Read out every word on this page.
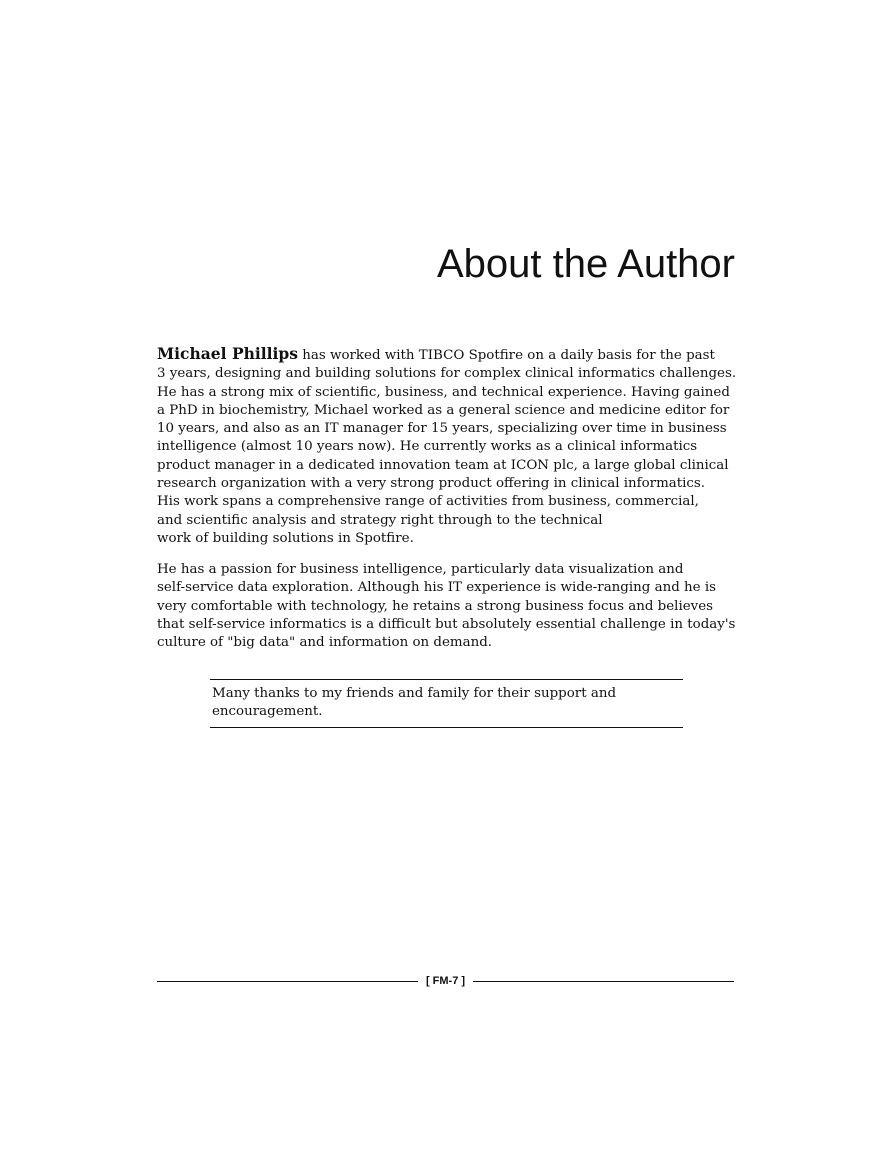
About the Author
Michael Phillips has worked with TIBCO Spotfire on a daily basis for the past
3 years, designing and building solutions for complex clinical informatics challenges.
He has a strong mix of scientific, business, and technical experience. Having gained
a PhD in biochemistry, Michael worked as a general science and medicine editor for
10 years, and also as an IT manager for 15 years, specializing over time in business
intelligence (almost 10 years now). He currently works as a clinical informatics
product manager in a dedicated innovation team at ICON plc, a large global clinical
research organization with a very strong product offering in clinical informatics.
His work spans a comprehensive range of activities from business, commercial,
and scientific analysis and strategy right through to the technical
work of building solutions in Spotfire.
He has a passion for business intelligence, particularly data visualization and
self-service data exploration. Although his IT experience is wide-ranging and he is
very comfortable with technology, he retains a strong business focus and believes
that self-service informatics is a difficult but absolutely essential challenge in today's
culture of "big data" and information on demand.
Many thanks to my friends and family for their support and
encouragement.
[ FM-7 ]
